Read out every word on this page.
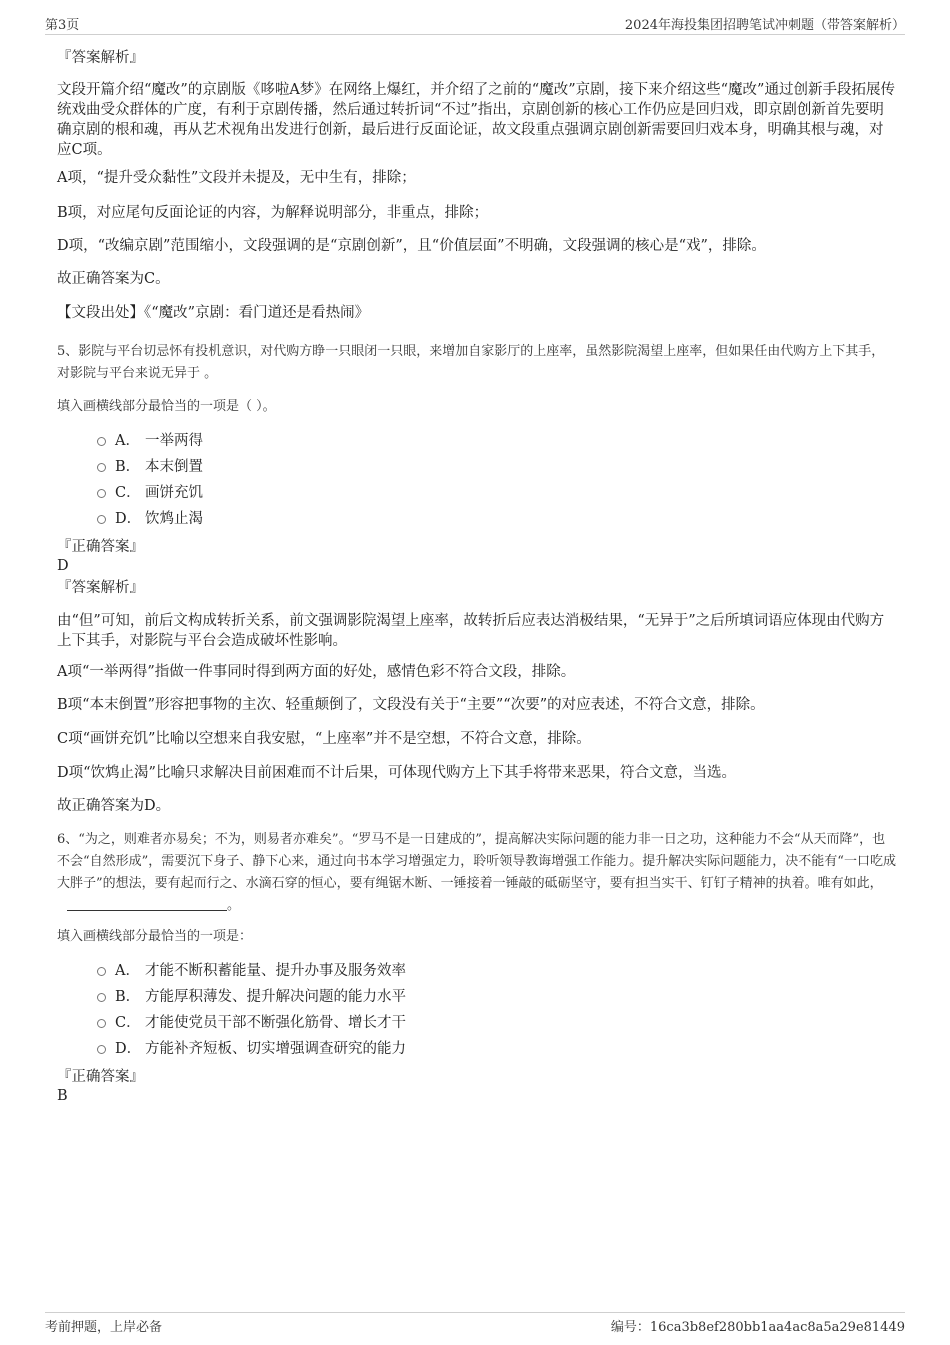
第3页	2024年海投集团招聘笔试冲刺题（带答案解析）
『答案解析』
文段开篇介绍“魔改”的京剧版《哆啦A梦》在网络上爆红，并介绍了之前的“魔改”京剧，接下来介绍这些“魔改”通过创新手段拓展传统戏曲受众群体的广度，有利于京剧传播，然后通过转折词“不过”指出，京剧创新的核心工作仍应是回归戏，即京剧创新首先要明确京剧的根和魂，再从艺术视角出发进行创新，最后进行反面论证，故文段重点强调京剧创新需要回归戏本身，明确其根与魂，对应C项。
A项，“提升受众黏性”文段并未提及，无中生有，排除；
B项，对应尾句反面论证的内容，为解释说明部分，非重点，排除；
D项，“改编京剧”范围缩小，文段强调的是“京剧创新”，且“价值层面”不明确，文段强调的核心是“戏”，排除。
故正确答案为C。
【文段出处】《“魔改”京剧：看门道还是看热闹》
5、影院与平台切忌怀有投机意识，对代购方睁一只眼闭一只眼，来增加自家影厅的上座率，虽然影院渴望上座率，但如果任由代购方上下其手，对影院与平台来说无异于 。
填入画横线部分最恰当的一项是（ ）。
A． 一举两得
B． 本末倒置
C． 画饼充饥
D． 饮鸩止渴
『正确答案』
D
『答案解析』
由“但”可知，前后文构成转折关系，前文强调影院渴望上座率，故转折后应表达消极结果，“无异于”之后所填词语应体现由代购方上下其手，对影院与平台会造成破坏性影响。
A项“一举两得”指做一件事同时得到两方面的好处，感情色彩不符合文段，排除。
B项“本末倒置”形容把事物的主次、轻重颠倒了，文段没有关于“主要”“次要”的对应表述，不符合文意，排除。
C项“画饼充饥”比喻以空想来自我安慰，“上座率”并不是空想，不符合文意，排除。
D项“饮鸩止渴”比喻只求解决目前困难而不计后果，可体现代购方上下其手将带来恶果，符合文意，当选。
故正确答案为D。
6、“为之，则难者亦易矣；不为，则易者亦难矣”。“罗马不是一日建成的”，提高解决实际问题的能力非一日之功，这种能力不会“从天而降”，也不会“自然形成”，需要沉下身子、静下心来，通过向书本学习增强定力，聆听领导教诲增强工作能力。提升解决实际问题能力，决不能有“一口吃成大胖子”的想法，要有起而行之、水滴石穿的恒心，要有绳锯木断、一锤接着一锤敲的砥砺坚守，要有担当实干、钉钉子精神的执着。唯有如此，。
填入画横线部分最恰当的一项是：
A． 才能不断积蓄能量、提升办事及服务效率
B． 方能厚积薄发、提升解决问题的能力水平
C． 才能使党员干部不断强化筋骨、增长才干
D． 方能补齐短板、切实增强调查研究的能力
『正确答案』
B
考前押题，上岸必备	编号：16ca3b8ef280bb1aa4ac8a5a29e81449
